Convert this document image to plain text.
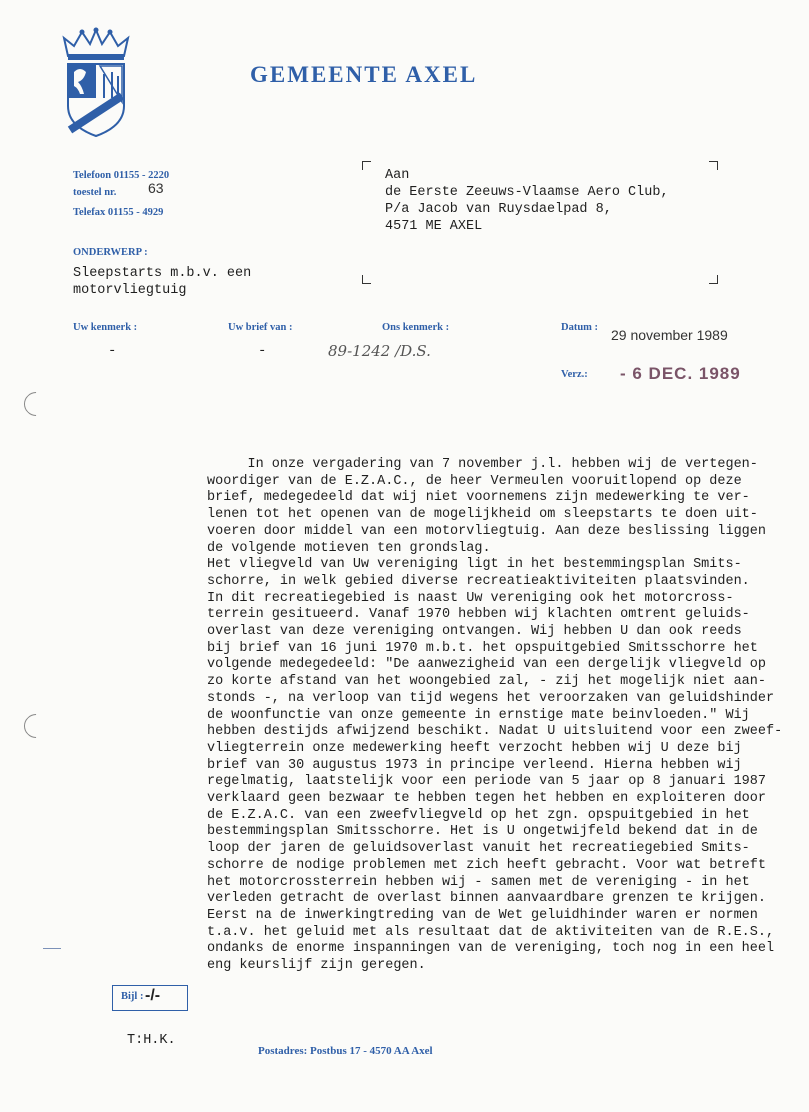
GEMEENTE AXEL
Telefoon 01155 - 2220
toestel nr. 63
Telefax 01155 - 4929
ONDERWERP :
Sleepstarts m.b.v. een motorvliegtuig
Aan
de Eerste Zeeuws-Vlaamse Aero Club,
P/a Jacob van Ruysdaelpad 8,
4571 ME AXEL
Uw kenmerk :	Uw brief van :	Ons kenmerk :	Datum :
-	-	89-1242 /D.S.
29 november 1989
Verz.: - 6 DEC. 1989
In onze vergadering van 7 november j.l. hebben wij de vertegen-
woordiger van de E.Z.A.C., de heer Vermeulen vooruitlopend op deze
brief, medegedeeld dat wij niet voornemens zijn medewerking te ver-
lenen tot het openen van de mogelijkheid om sleepstarts te doen uit-
voeren door middel van een motorvliegtuig. Aan deze beslissing liggen
de volgende motieven ten grondslag.
Het vliegveld van Uw vereniging ligt in het bestemmingsplan Smits-
schorre, in welk gebied diverse recreatieaktiviteiten plaatsvinden.
In dit recreatiegebied is naast Uw vereniging ook het motorcross-
terrein gesitueerd. Vanaf 1970 hebben wij klachten omtrent geluids-
overlast van deze vereniging ontvangen. Wij hebben U dan ook reeds
bij brief van 16 juni 1970 m.b.t. het opspuitgebied Smitsschorre het
volgende medegedeeld: "De aanwezigheid van een dergelijk vliegveld op
zo korte afstand van het woongebied zal, - zij het mogelijk niet aan-
stonds -, na verloop van tijd wegens het veroorzaken van geluidshinder
de woonfunctie van onze gemeente in ernstige mate beinvloeden." Wij
hebben destijds afwijzend beschikt. Nadat U uitsluitend voor een zweef-
vliegterrein onze medewerking heeft verzocht hebben wij U deze bij
brief van 30 augustus 1973 in principe verleend. Hierna hebben wij
regelmatig, laatstelijk voor een periode van 5 jaar op 8 januari 1987
verklaard geen bezwaar te hebben tegen het hebben en exploiteren door
de E.Z.A.C. van een zweefvliegveld op het zgn. opspuitgebied in het
bestemmingsplan Smitsschorre. Het is U ongetwijfeld bekend dat in de
loop der jaren de geluidsoverlast vanuit het recreatiegebied Smits-
schorre de nodige problemen met zich heeft gebracht. Voor wat betreft
het motorcrossterrein hebben wij - samen met de vereniging - in het
verleden getracht de overlast binnen aanvaardbare grenzen te krijgen.
Eerst na de inwerkingtreding van de Wet geluidhinder waren er normen
t.a.v. het geluid met als resultaat dat de aktiviteiten van de R.E.S.,
ondanks de enorme inspanningen van de vereniging, toch nog in een heel
eng keurslijf zijn geregen.
Bijl : -/-
T:H.K.
Postadres: Postbus 17 - 4570 AA Axel
